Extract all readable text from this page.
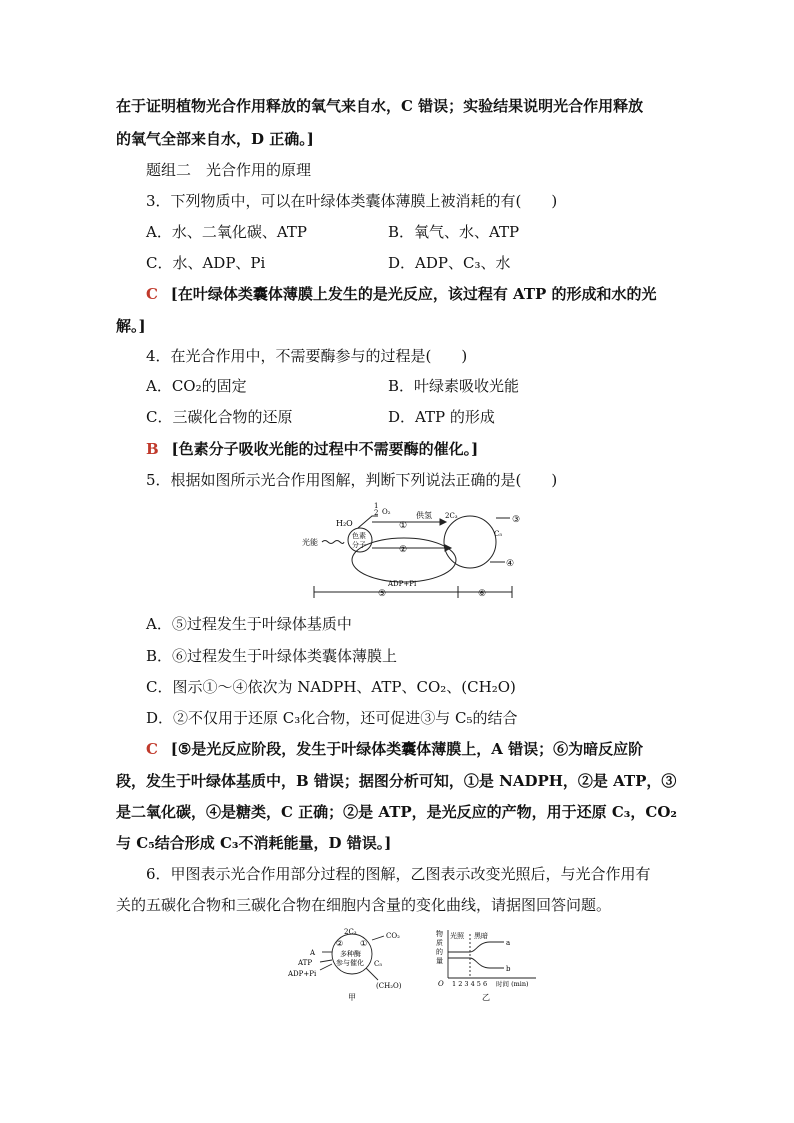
在于证明植物光合作用释放的氧气来自水，C 错误；实验结果说明光合作用释放
的氧气全部来自水，D 正确。]
题组二　光合作用的原理
3．下列物质中，可以在叶绿体类囊体薄膜上被消耗的有(　　)
A．水、二氧化碳、ATP	B．氧气、水、ATP
C．水、ADP、Pi	D．ADP、C₃、水
C [在叶绿体类囊体薄膜上发生的是光反应，该过程有 ATP 的形成和水的光
解。]
4．在光合作用中，不需要酶参与的过程是(　　)
A．CO₂的固定	B．叶绿素吸收光能
C．三碳化合物的还原	D．ATP 的形成
B [色素分子吸收光能的过程中不需要酶的催化。]
5．根据如图所示光合作用图解，判断下列说法正确的是(　　)
H₂O
1
2 O₂
①
供氢
光能
色素
分子	②
2C₃	③
C₅
④
ADP+Pi
⑤	⑥
A．⑤过程发生于叶绿体基质中
B．⑥过程发生于叶绿体类囊体薄膜上
C．图示①～④依次为 NADPH、ATP、CO₂、(CH₂O)
D．②不仅用于还原 C₃化合物，还可促进③与 C₅的结合
C [⑤是光反应阶段，发生于叶绿体类囊体薄膜上，A 错误；⑥为暗反应阶
段，发生于叶绿体基质中，B 错误；据图分析可知，①是 NADPH，②是 ATP，③
是二氧化碳，④是糖类，C 正确；②是 ATP，是光反应的产物，用于还原 C₃，CO₂
与 C₅结合形成 C₃不消耗能量，D 错误。]
6．甲图表示光合作用部分过程的图解，乙图表示改变光照后，与光合作用有
关的五碳化合物和三碳化合物在细胞内含量的变化曲线，请据图回答问题。
2C₃	CO₂
A
ATP
ADP+Pi
② ①
多种酶
参与催化 C₅
(CH₂O)
甲
物
质
的
量
光照 黑暗
a
b
O 1 2 3 4 5 6 时间 (min)
乙
